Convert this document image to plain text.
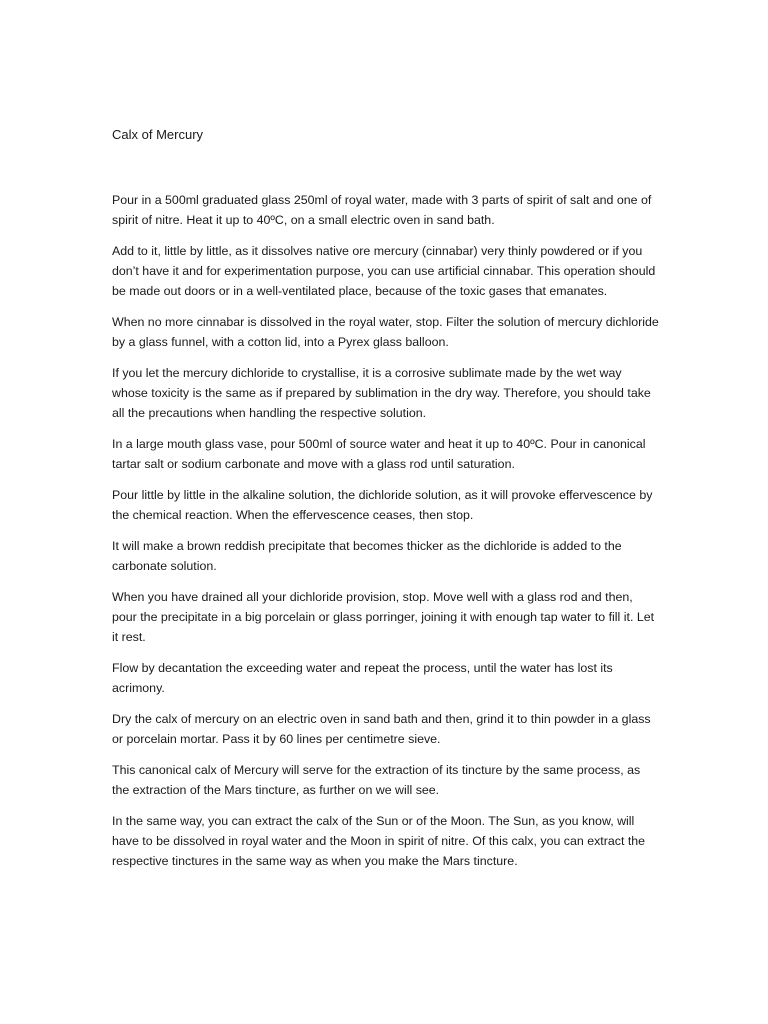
Calx of Mercury

Pour in a 500ml graduated glass 250ml of royal water, made with 3 parts of spirit of salt and one of spirit of nitre. Heat it up to 40ºC, on a small electric oven in sand bath.

Add to it, little by little, as it dissolves native ore mercury (cinnabar) very thinly powdered or if you don’t have it and for experimentation purpose, you can use artificial cinnabar. This operation should be made out doors or in a well-ventilated place, because of the toxic gases that emanates.

When no more cinnabar is dissolved in the royal water, stop. Filter the solution of mercury dichloride by a glass funnel, with a cotton lid, into a Pyrex glass balloon.

If you let the mercury dichloride to crystallise, it is a corrosive sublimate made by the wet way whose toxicity is the same as if prepared by sublimation in the dry way. Therefore, you should take all the precautions when handling the respective solution.

In a large mouth glass vase, pour 500ml of source water and heat it up to 40ºC. Pour in canonical tartar salt or sodium carbonate and move with a glass rod until saturation.

Pour little by little in the alkaline solution, the dichloride solution, as it will provoke effervescence by the chemical reaction. When the effervescence ceases, then stop.

It will make a brown reddish precipitate that becomes thicker as the dichloride is added to the carbonate solution.

When you have drained all your dichloride provision, stop. Move well with a glass rod and then, pour the precipitate in a big porcelain or glass porringer, joining it with enough tap water to fill it. Let it rest.

Flow by decantation the exceeding water and repeat the process, until the water has lost its acrimony.

Dry the calx of mercury on an electric oven in sand bath and then, grind it to thin powder in a glass or porcelain mortar. Pass it by 60 lines per centimetre sieve.

This canonical calx of Mercury will serve for the extraction of its tincture by the same process, as the extraction of the Mars tincture, as further on we will see.

In the same way, you can extract the calx of the Sun or of the Moon. The Sun, as you know, will have to be dissolved in royal water and the Moon in spirit of nitre. Of this calx, you can extract the respective tinctures in the same way as when you make the Mars tincture.
